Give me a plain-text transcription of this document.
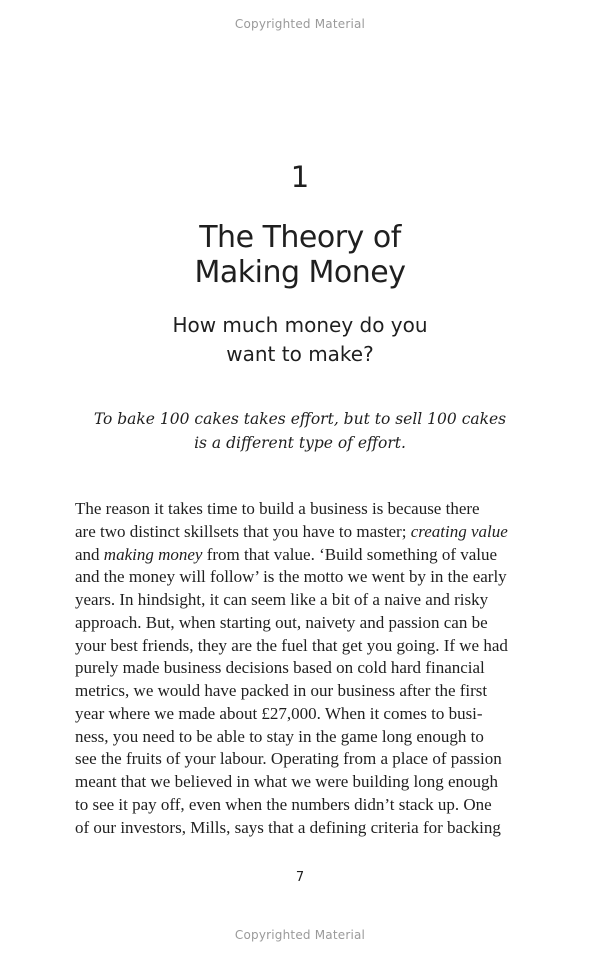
Copyrighted Material
1
The Theory of
Making Money
How much money do you
want to make?
To bake 100 cakes takes effort, but to sell 100 cakes
is a different type of effort.
The reason it takes time to build a business is because there
are two distinct skillsets that you have to master; creating value
and making money from that value. ‘Build something of value
and the money will follow’ is the motto we went by in the early
years. In hindsight, it can seem like a bit of a naive and risky
approach. But, when starting out, naivety and passion can be
your best friends, they are the fuel that get you going. If we had
purely made business decisions based on cold hard financial
metrics, we would have packed in our business after the first
year where we made about £27,000. When it comes to busi-
ness, you need to be able to stay in the game long enough to
see the fruits of your labour. Operating from a place of passion
meant that we believed in what we were building long enough
to see it pay off, even when the numbers didn’t stack up. One
of our investors, Mills, says that a defining criteria for backing
7
Copyrighted Material
